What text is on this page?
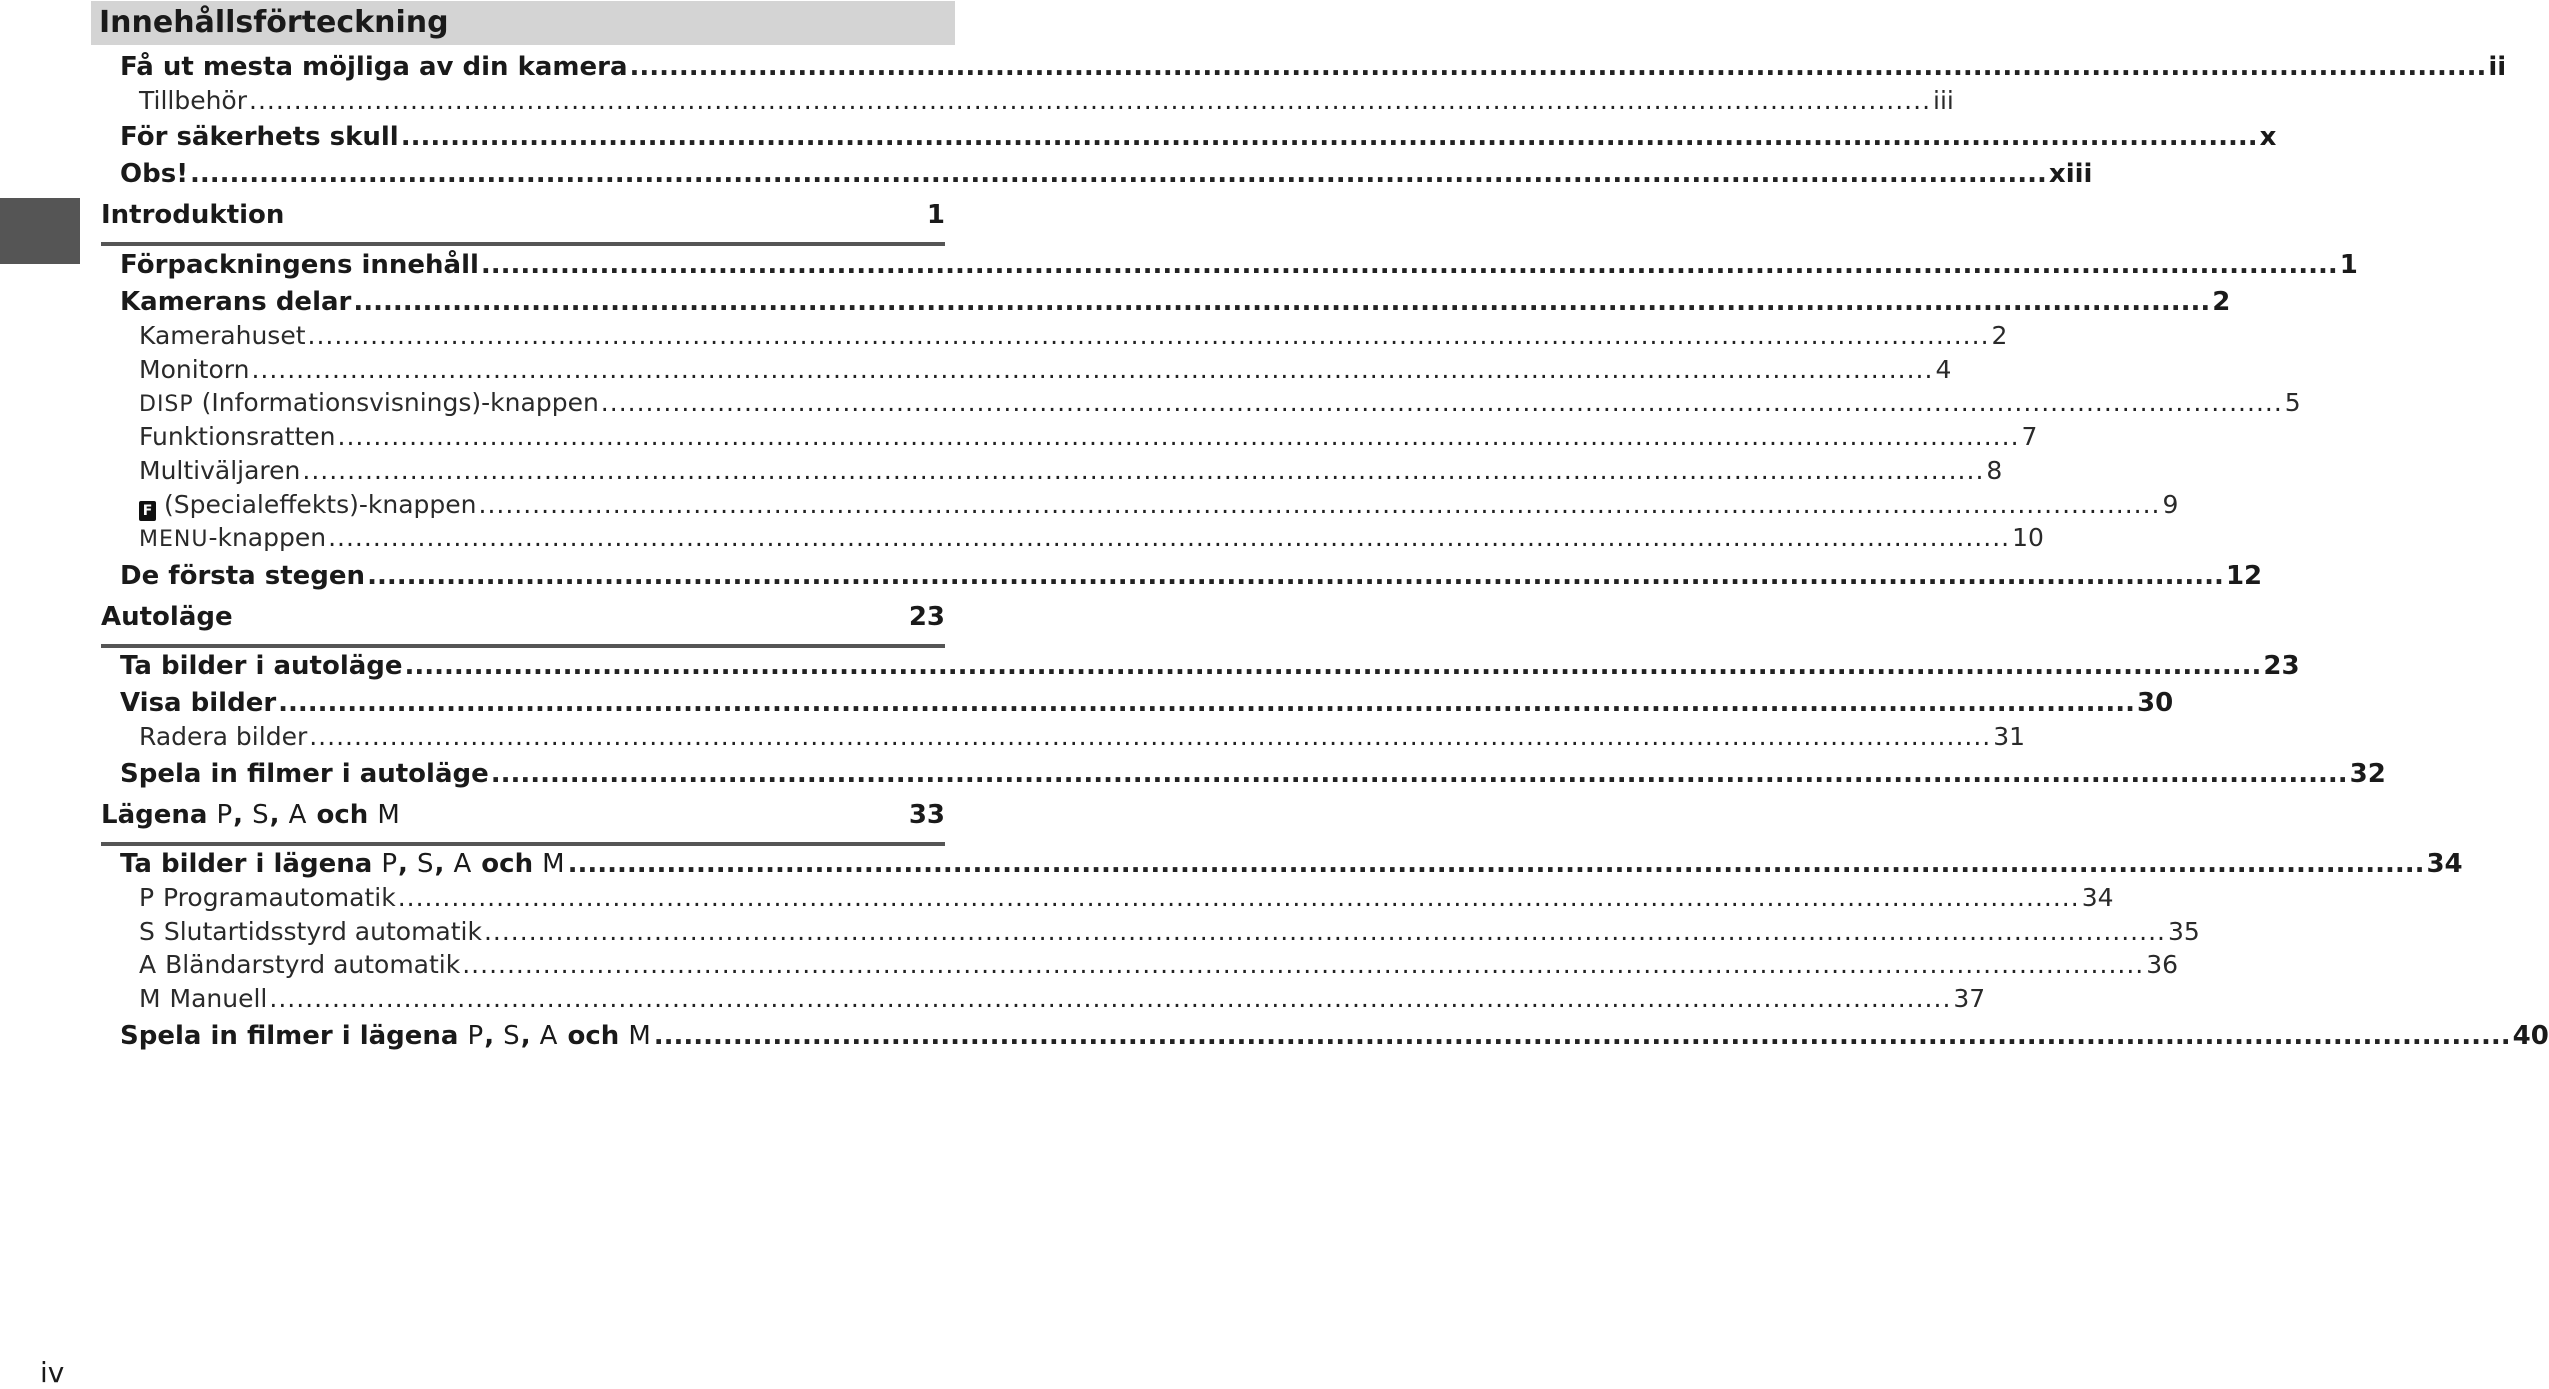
Innehållsförteckning
Få ut mesta möjliga av din kamera ............................................................................................................................................................................................ ii
Tillbehör ............................................................................................................................................................................................ iii
För säkerhets skull ............................................................................................................................................................................................ x
Obs! ............................................................................................................................................................................................ xiii
Introduktion	1
Förpackningens innehåll ............................................................................................................................................................................................ 1
Kamerans delar ............................................................................................................................................................................................ 2
Kamerahuset ............................................................................................................................................................................................ 2
Monitorn ............................................................................................................................................................................................ 4
DISP (Informationsvisnings)-knappen ............................................................................................................................................................................................ 5
Funktionsratten ............................................................................................................................................................................................ 7
Multiväljaren ............................................................................................................................................................................................ 8
F (Specialeffekts)-knappen ............................................................................................................................................................................................ 9
MENU-knappen ............................................................................................................................................................................................ 10
De första stegen ............................................................................................................................................................................................ 12
Autoläge	23
Ta bilder i autoläge ............................................................................................................................................................................................ 23
Visa bilder ............................................................................................................................................................................................ 30
Radera bilder ............................................................................................................................................................................................ 31
Spela in filmer i autoläge ............................................................................................................................................................................................ 32
Lägena P, S, A och M	33
Ta bilder i lägena P, S, A och M ............................................................................................................................................................................................ 34
P Programautomatik ............................................................................................................................................................................................ 34
S Slutartidsstyrd automatik ............................................................................................................................................................................................ 35
A Bländarstyrd automatik ............................................................................................................................................................................................ 36
M Manuell ............................................................................................................................................................................................ 37
Spela in filmer i lägena P, S, A och M ............................................................................................................................................................................................ 40
iv
